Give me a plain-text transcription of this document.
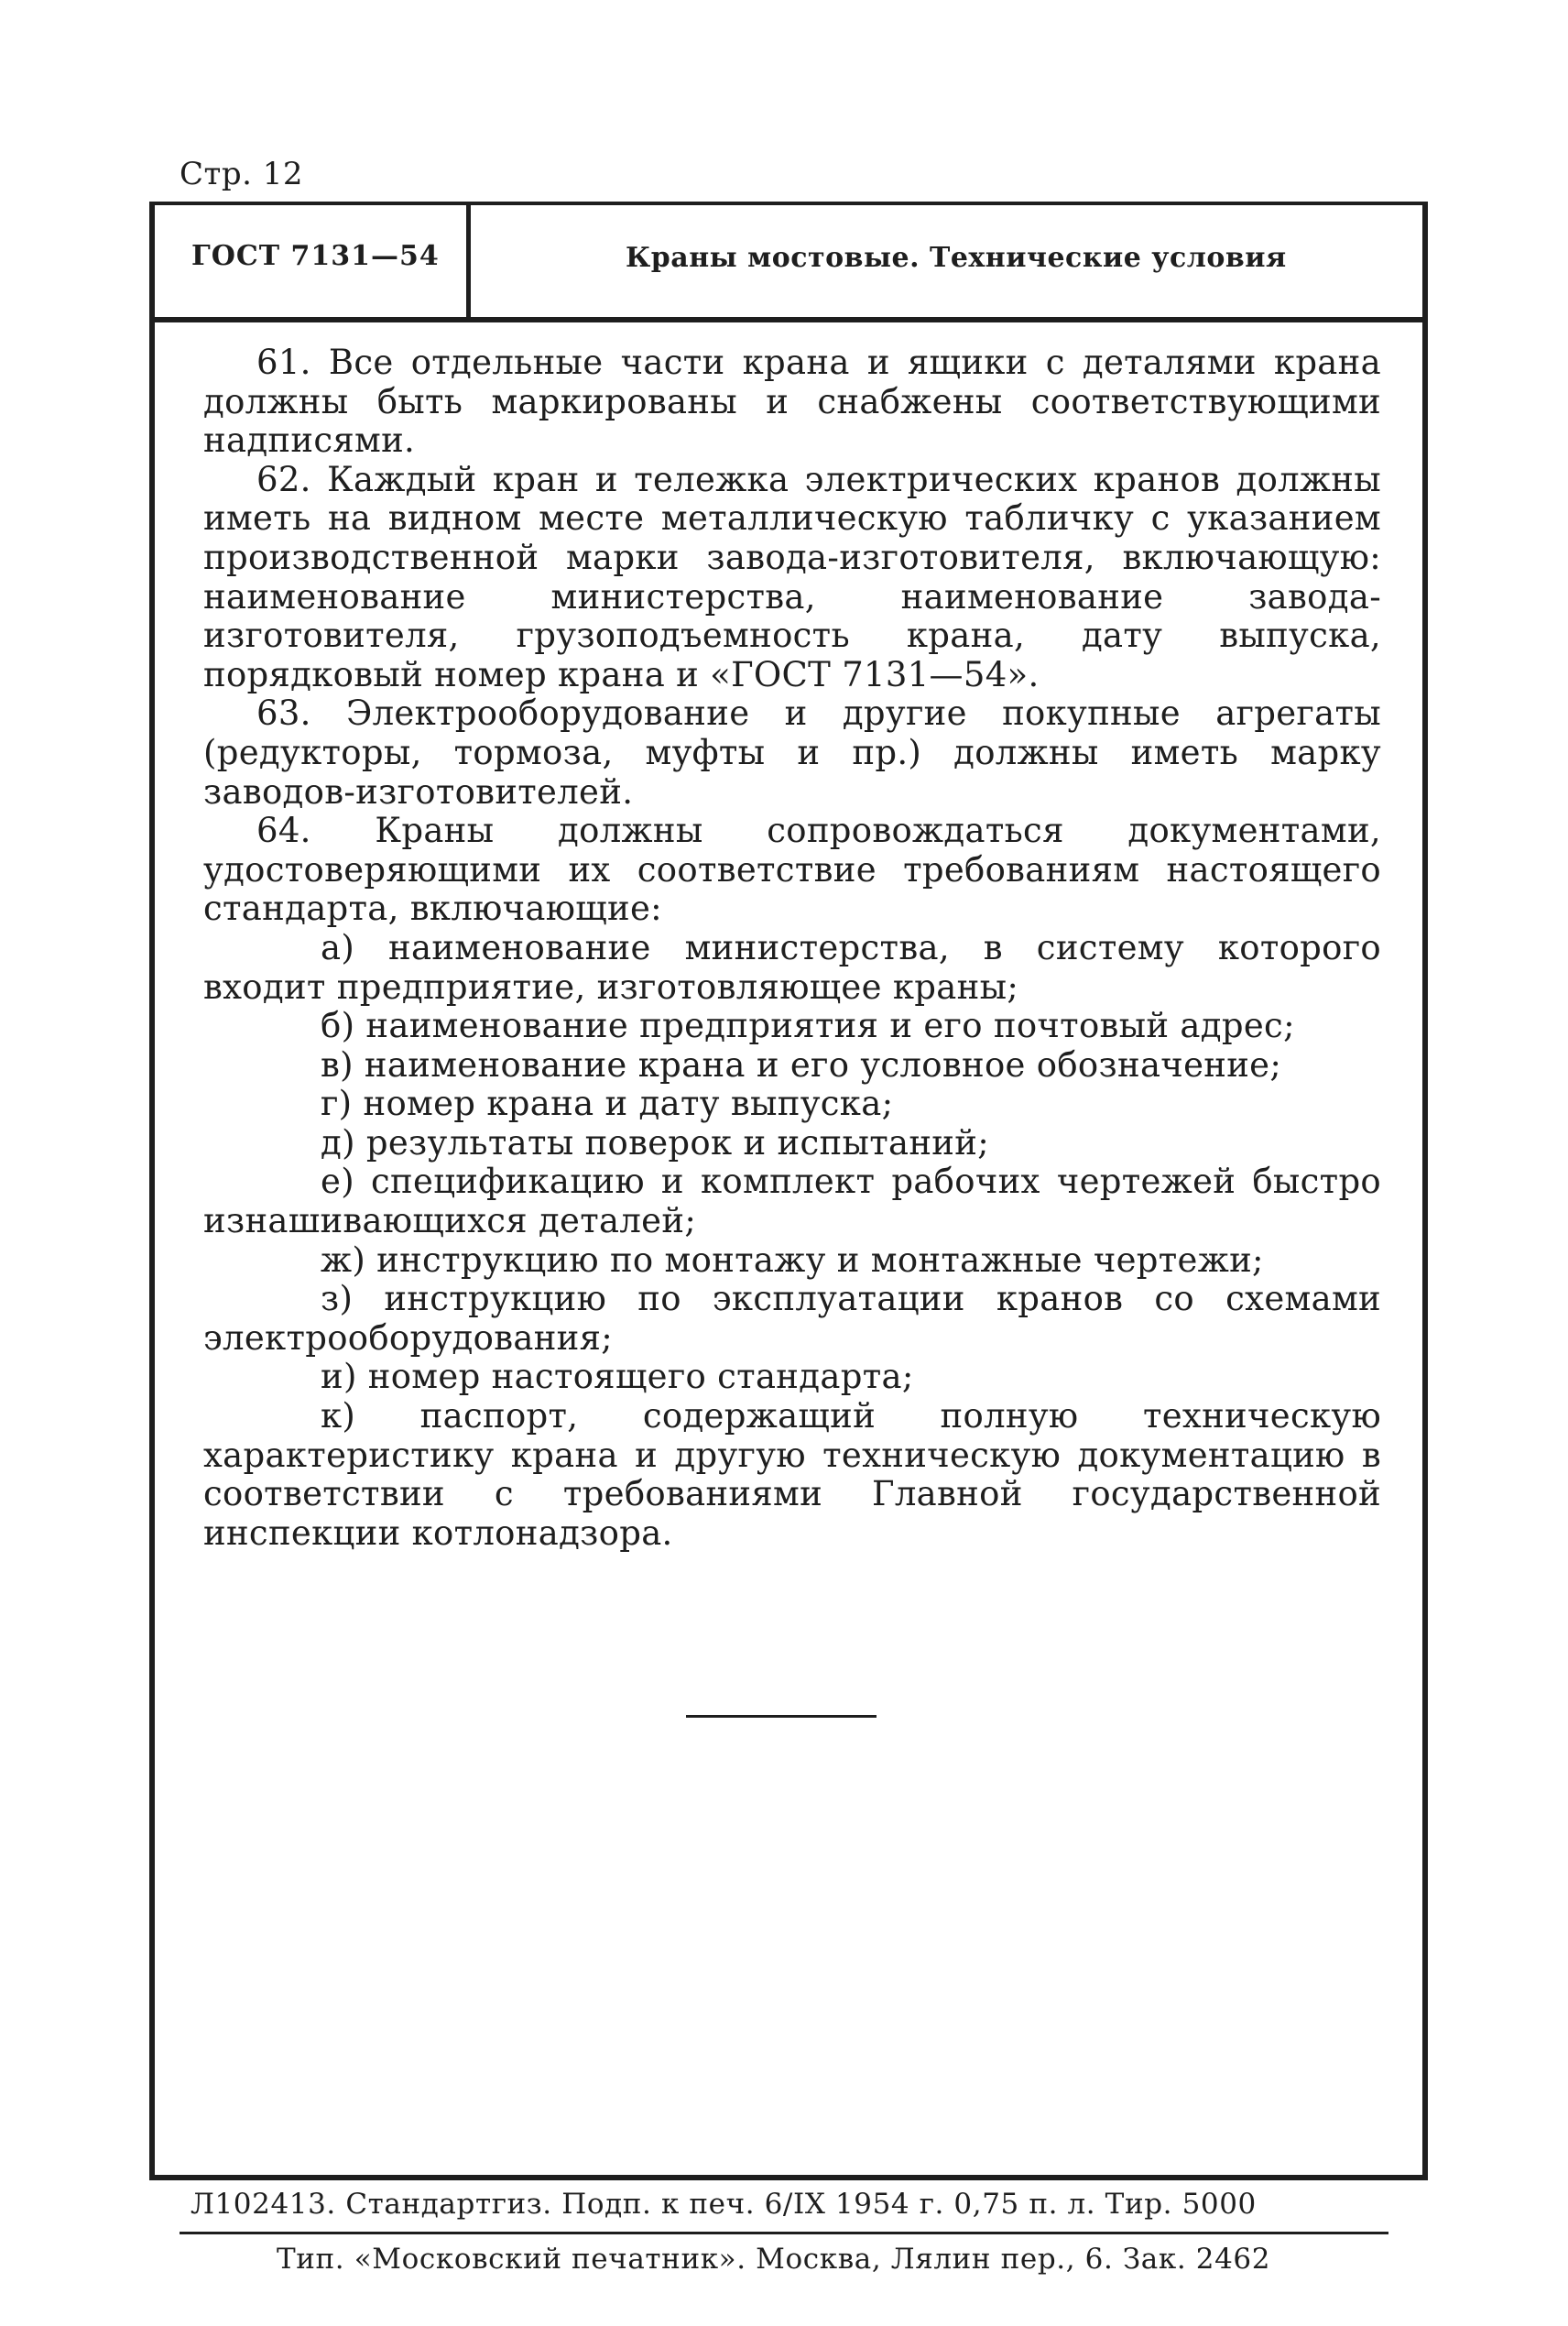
Стр. 12
ГОСТ 7131—54	Краны мостовые. Технические условия

61. Все отдельные части крана и ящики с деталями крана должны быть маркированы и снабжены соответствующими надписями.

62. Каждый кран и тележка электрических кранов должны иметь на видном месте металлическую табличку с указанием производственной марки завода-изготовителя, включающую: наименование министерства, наименование завода-изготовителя, грузоподъемность крана, дату выпуска, порядковый номер крана и «ГОСТ 7131—54».

63. Электрооборудование и другие покупные агрегаты (редукторы, тормоза, муфты и пр.) должны иметь марку заводов-изготовителей.

64. Краны должны сопровождаться документами, удостоверяющими их соответствие требованиям настоящего стандарта, включающие:

а) наименование министерства, в систему которого входит предприятие, изготовляющее краны;

б) наименование предприятия и его почтовый адрес;

в) наименование крана и его условное обозначение;

г) номер крана и дату выпуска;

д) результаты поверок и испытаний;

е) спецификацию и комплект рабочих чертежей быстро изнашивающихся деталей;

ж) инструкцию по монтажу и монтажные чертежи;

з) инструкцию по эксплуатации кранов со схемами электрооборудования;

и) номер настоящего стандарта;

к) паспорт, содержащий полную техническую характеристику крана и другую техническую документацию в соответствии с требованиями Главной государственной инспекции котлонадзора.

Л102413. Стандартгиз. Подп. к печ. 6/IX 1954 г. 0,75 п. л. Тир. 5000
Тип. «Московский печатник». Москва, Лялин пер., 6. Зак. 2462
